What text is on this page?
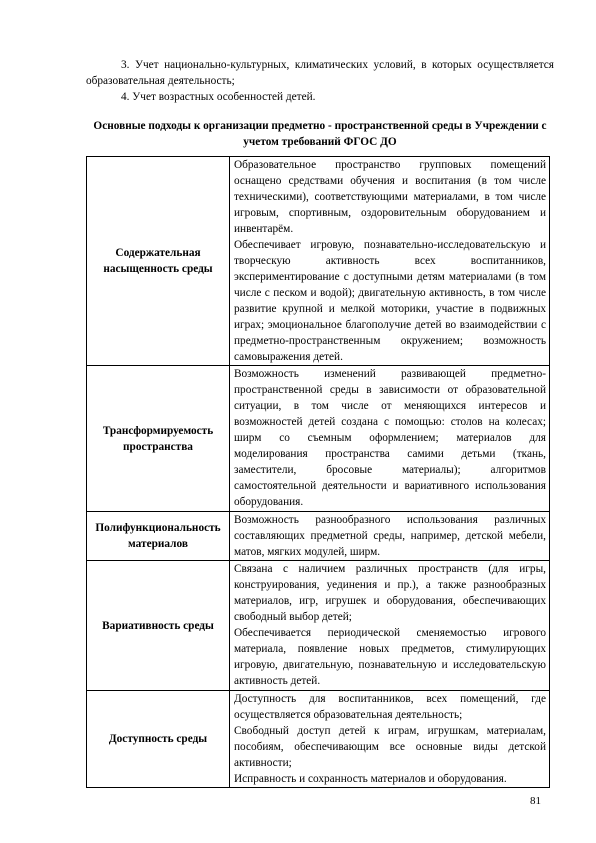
3. Учет национально-культурных, климатических условий, в которых осуществляется образовательная деятельность;

4. Учет возрастных особенностей детей.

Основные подходы к организации предметно - пространственной среды в Учреждении с учетом требований ФГОС ДО
Содержательная насыщенность среды	Образовательное пространство групповых помещений оснащено средствами обучения и воспитания (в том числе техническими), соответствующими материалами, в том числе игровым, спортивным, оздоровительным оборудованием и инвентарём.

Обеспечивает игровую, познавательно-исследовательскую и творческую активность всех воспитанников, экспериментирование с доступными детям материалами (в том числе с песком и водой); двигательную активность, в том числе развитие крупной и мелкой моторики, участие в подвижных играх; эмоциональное благополучие детей во взаимодействии с предметно-пространственным окружением; возможность самовыражения детей.

Трансформируемость пространства	Возможность изменений развивающей предметно-пространственной среды в зависимости от образовательной ситуации, в том числе от меняющихся интересов и возможностей детей создана с помощью: столов на колесах; ширм со съемным оформлением; материалов для моделирования пространства самими детьми (ткань, заместители, бросовые материалы); алгоритмов самостоятельной деятельности и вариативного использования оборудования.

Полифункциональность материалов	Возможность разнообразного использования различных составляющих предметной среды, например, детской мебели, матов, мягких модулей, ширм.

Вариативность среды	Связана с наличием различных пространств (для игры, конструирования, уединения и пр.), а также разнообразных материалов, игр, игрушек и оборудования, обеспечивающих свободный выбор детей;

Обеспечивается периодической сменяемостью игрового материала, появление новых предметов, стимулирующих игровую, двигательную, познавательную и исследовательскую активность детей.

Доступность среды	Доступность для воспитанников, всех помещений, где осуществляется образовательная деятельность;

Свободный доступ детей к играм, игрушкам, материалам, пособиям, обеспечивающим все основные виды детской активности;

Исправность и сохранность материалов и оборудования.

81
